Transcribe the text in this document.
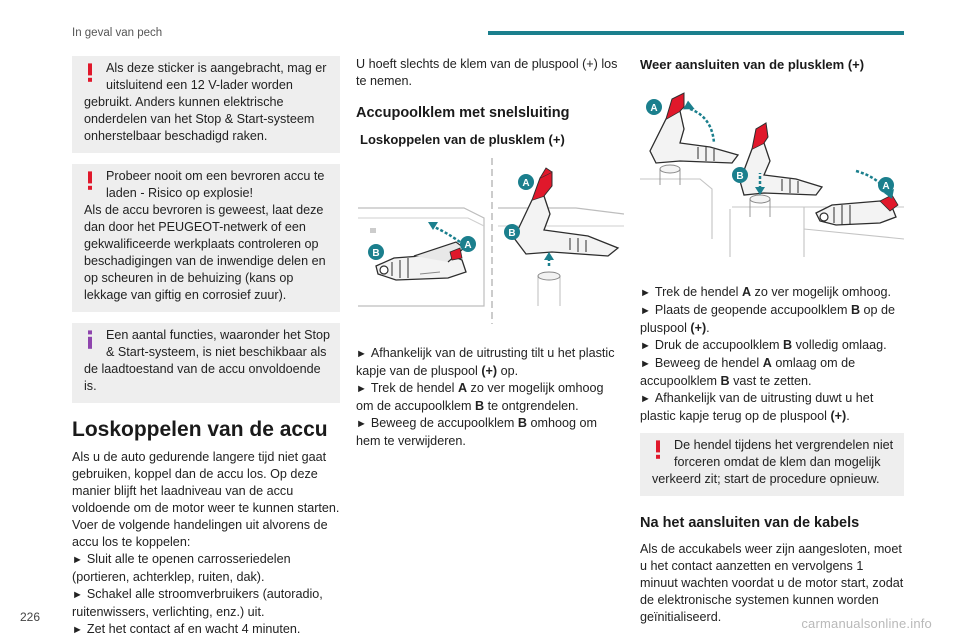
In geval van pech
Als deze sticker is aangebracht, mag er uitsluitend een 12 V-lader worden
gebruikt. Anders kunnen elektrische onderdelen van het Stop & Start-systeem onherstelbaar beschadigd raken.
Probeer nooit om een bevroren accu te laden - Risico op explosie!
Als de accu bevroren is geweest, laat deze dan door het PEUGEOT-netwerk of een gekwalificeerde werkplaats controleren op beschadigingen van de inwendige delen en op scheuren in de behuizing (kans op lekkage van giftig en corrosief zuur).
Een aantal functies, waaronder het Stop & Start-systeem, is niet beschikbaar als
de laadtoestand van de accu onvoldoende is.
Loskoppelen van de accu
Als u de auto gedurende langere tijd niet gaat gebruiken, koppel dan de accu los. Op deze manier blijft het laadniveau van de accu voldoende om de motor weer te kunnen starten.
Voer de volgende handelingen uit alvorens de accu los te koppelen:
► Sluit alle te openen carrosseriedelen (portieren, achterklep, ruiten, dak).
► Schakel alle stroomverbruikers (autoradio, ruitenwissers, verlichting, enz.) uit.
► Zet het contact af en wacht 4 minuten.
U hoeft slechts de klem van de pluspool (+) los te nemen.
Accupoolklem met snelsluiting
Loskoppelen van de plusklem (+)
B
A
A
B
► Afhankelijk van de uitrusting tilt u het plastic kapje van de pluspool (+) op.
► Trek de hendel A zo ver mogelijk omhoog om de accupoolklem B te ontgrendelen.
► Beweeg de accupoolklem B omhoog om hem te verwijderen.
Weer aansluiten van de plusklem (+)
A
B
A
► Trek de hendel A zo ver mogelijk omhoog.
► Plaats de geopende accupoolklem B op de pluspool (+).
► Druk de accupoolklem B volledig omlaag.
► Beweeg de hendel A omlaag om de accupoolklem B vast te zetten.
► Afhankelijk van de uitrusting duwt u het plastic kapje terug op de pluspool (+).
De hendel tijdens het vergrendelen niet forceren omdat de klem dan mogelijk
verkeerd zit; start de procedure opnieuw.
Na het aansluiten van de kabels
Als de accukabels weer zijn aangesloten, moet u het contact aanzetten en vervolgens 1 minuut wachten voordat u de motor start, zodat de elektronische systemen kunnen worden geïnitialiseerd.
226	carmanualsonline.info
